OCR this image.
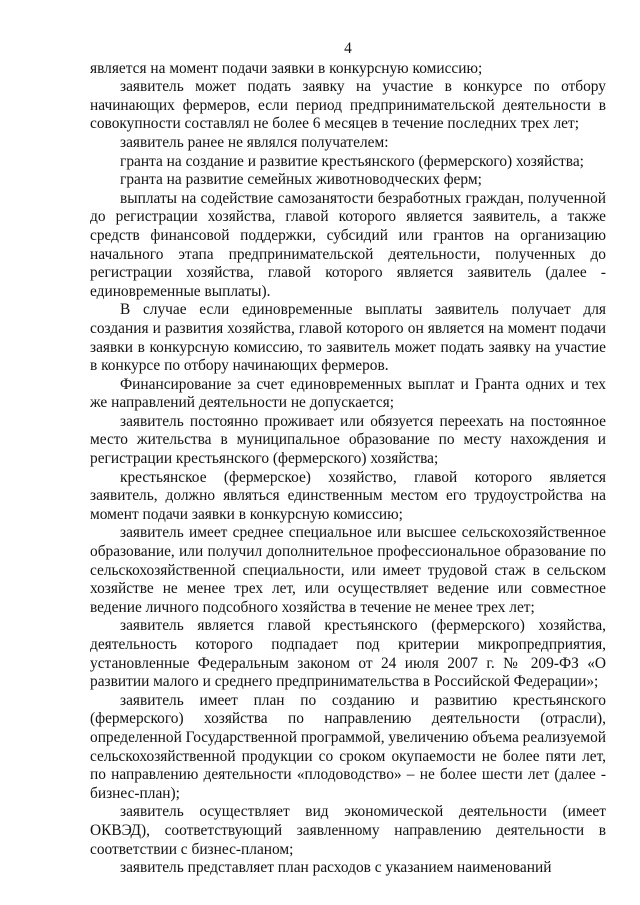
4

является на момент подачи заявки в конкурсную комиссию;

заявитель может подать заявку на участие в конкурсе по отбору начинающих фермеров, если период предпринимательской деятельности в совокупности составлял не более 6 месяцев в течение последних трех лет;

заявитель ранее не являлся получателем:

гранта на создание и развитие крестьянского (фермерского) хозяйства;

гранта на развитие семейных животноводческих ферм;

выплаты на содействие самозанятости безработных граждан, полученной до регистрации хозяйства, главой которого является заявитель, а также средств финансовой поддержки, субсидий или грантов на организацию начального этапа предпринимательской деятельности, полученных до регистрации хозяйства, главой которого является заявитель (далее - единовременные выплаты).

В случае если единовременные выплаты заявитель получает для создания и развития хозяйства, главой которого он является на момент подачи заявки в конкурсную комиссию, то заявитель может подать заявку на участие в конкурсе по отбору начинающих фермеров.

Финансирование за счет единовременных выплат и Гранта одних и тех же направлений деятельности не допускается;

заявитель постоянно проживает или обязуется переехать на постоянное место жительства в муниципальное образование по месту нахождения и регистрации крестьянского (фермерского) хозяйства;

крестьянское (фермерское) хозяйство, главой которого является заявитель, должно являться единственным местом его трудоустройства на момент подачи заявки в конкурсную комиссию;

заявитель имеет среднее специальное или высшее сельскохозяйственное образование, или получил дополнительное профессиональное образование по сельскохозяйственной специальности, или имеет трудовой стаж в сельском хозяйстве не менее трех лет, или осуществляет ведение или совместное ведение личного подсобного хозяйства в течение не менее трех лет;

заявитель является главой крестьянского (фермерского) хозяйства, деятельность которого подпадает под критерии микропредприятия, установленные Федеральным законом от 24 июля 2007 г. № 209-ФЗ «О развитии малого и среднего предпринимательства в Российской Федерации»;

заявитель имеет план по созданию и развитию крестьянского (фермерского) хозяйства по направлению деятельности (отрасли), определенной Государственной программой, увеличению объема реализуемой сельскохозяйственной продукции со сроком окупаемости не более пяти лет, по направлению деятельности «плодоводство» – не более шести лет (далее - бизнес-план);

заявитель осуществляет вид экономической деятельности (имеет ОКВЭД), соответствующий заявленному направлению деятельности в соответствии с бизнес-планом;

заявитель представляет план расходов с указанием наименований
